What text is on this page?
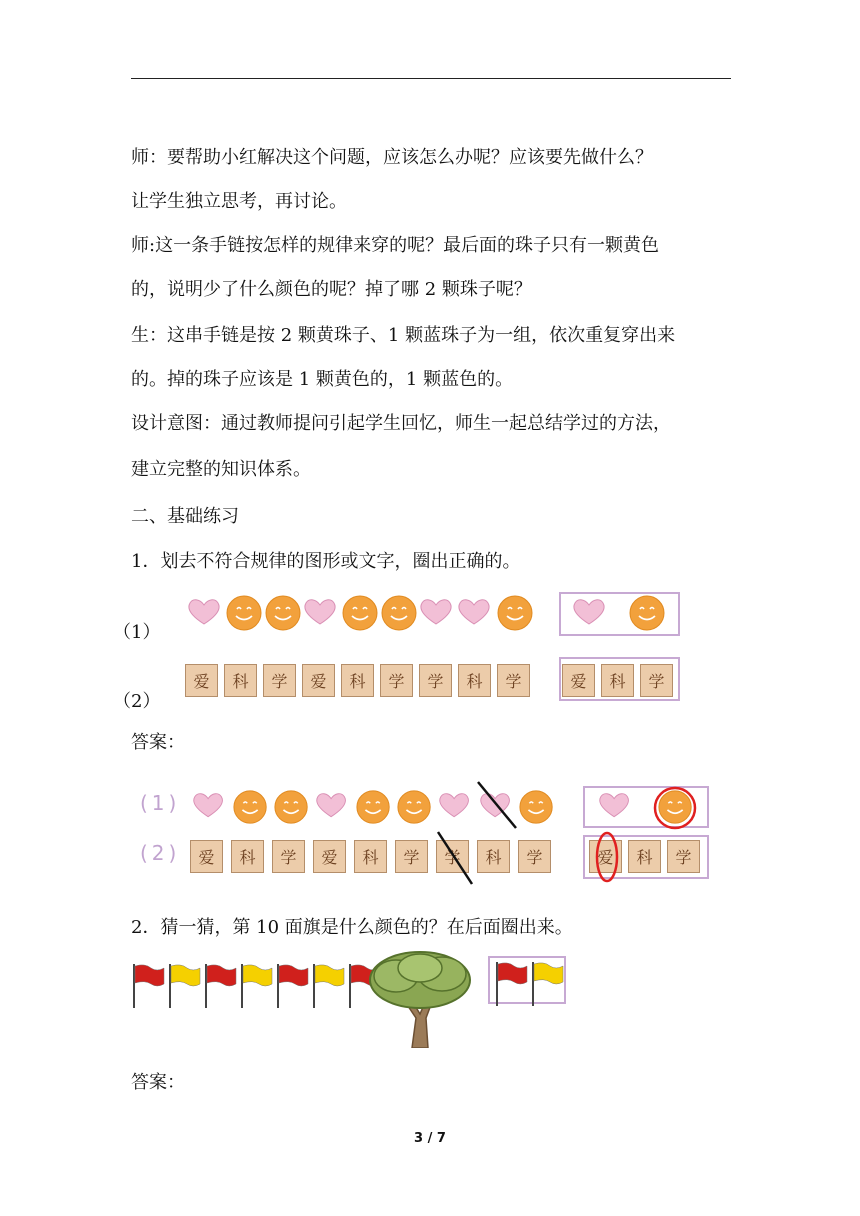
师：要帮助小红解决这个问题，应该怎么办呢？应该要先做什么？
让学生独立思考，再讨论。
师:这一条手链按怎样的规律来穿的呢？最后面的珠子只有一颗黄色
的，说明少了什么颜色的呢？掉了哪 2 颗珠子呢？
生：这串手链是按 2 颗黄珠子、1 颗蓝珠子为一组，依次重复穿出来
的。掉的珠子应该是 1 颗黄色的，1 颗蓝色的。
设计意图：通过教师提问引起学生回忆，师生一起总结学过的方法，
建立完整的知识体系。
二、基础练习
1．划去不符合规律的图形或文字，圈出正确的。
（1）
（2）
爱	科	学	爱	科	学	学	科	学	爱	科	学
答案：
(1)
(2)	爱	科	学	爱	科	学	学	科	学	爱	科	学
2．猜一猜，第 10 面旗是什么颜色的？在后面圈出来。
答案：
3 / 7
